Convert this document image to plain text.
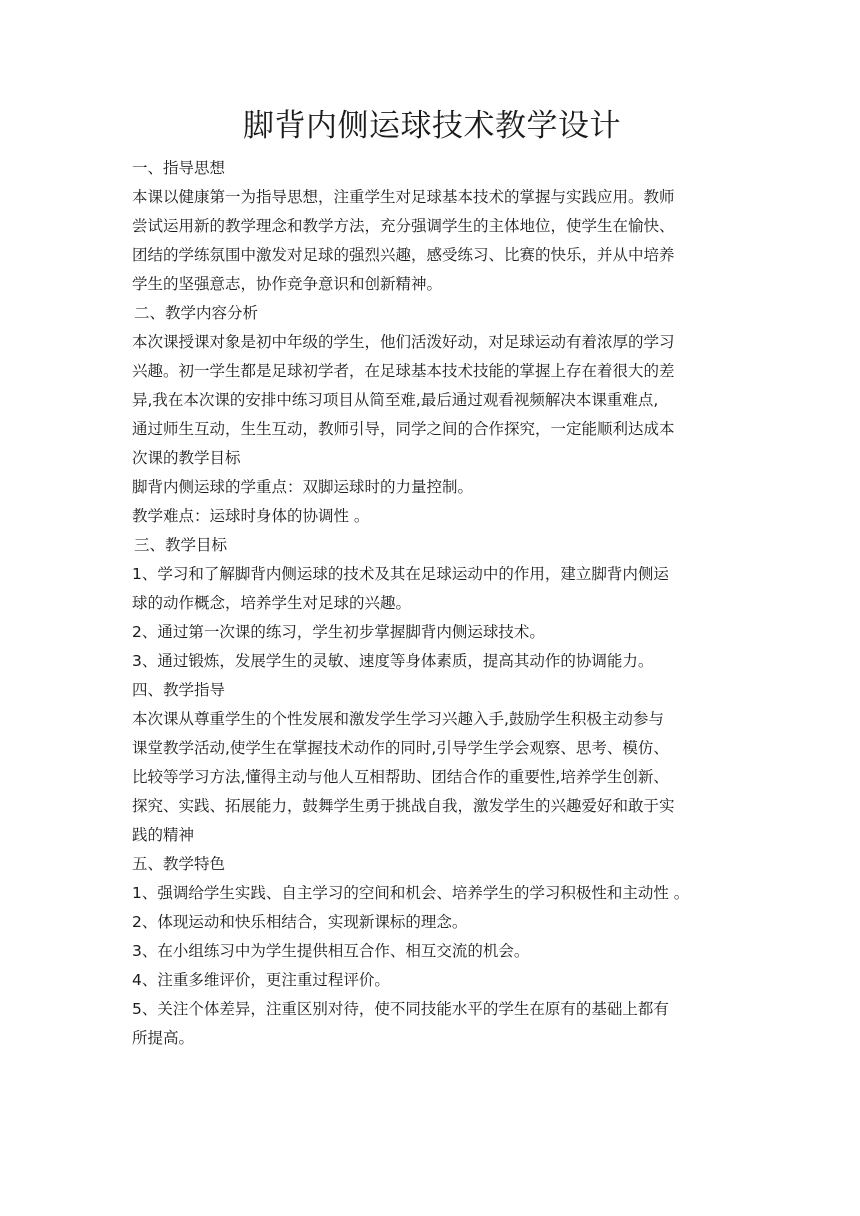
脚背内侧运球技术教学设计

一、指导思想

本课以健康第一为指导思想，注重学生对足球基本技术的掌握与实践应用。教师

尝试运用新的教学理念和教学方法，充分强调学生的主体地位，使学生在愉快、

团结的学练氛围中激发对足球的强烈兴趣，感受练习、比赛的快乐，并从中培养

学生的坚强意志，协作竞争意识和创新精神。

二、教学内容分析

本次课授课对象是初中年级的学生，他们活泼好动，对足球运动有着浓厚的学习

兴趣。初一学生都是足球初学者，在足球基本技术技能的掌握上存在着很大的差

异,我在本次课的安排中练习项目从简至难,最后通过观看视频解决本课重难点,

通过师生互动，生生互动，教师引导，同学之间的合作探究，一定能顺利达成本

次课的教学目标

脚背内侧运球的学重点：双脚运球时的力量控制。

教学难点：运球时身体的协调性 。

三、教学目标

1、学习和了解脚背内侧运球的技术及其在足球运动中的作用，建立脚背内侧运

球的动作概念，培养学生对足球的兴趣。

2、通过第一次课的练习，学生初步掌握脚背内侧运球技术。

3、通过锻炼，发展学生的灵敏、速度等身体素质，提高其动作的协调能力。

四、教学指导

本次课从尊重学生的个性发展和激发学生学习兴趣入手,鼓励学生积极主动参与

课堂教学活动,使学生在掌握技术动作的同时,引导学生学会观察、思考、模仿、

比较等学习方法,懂得主动与他人互相帮助、团结合作的重要性,培养学生创新、

探究、实践、拓展能力，鼓舞学生勇于挑战自我，激发学生的兴趣爱好和敢于实

践的精神

五、教学特色

1、强调给学生实践、自主学习的空间和机会、培养学生的学习积极性和主动性 。

2、体现运动和快乐相结合，实现新课标的理念。

3、在小组练习中为学生提供相互合作、相互交流的机会。

4、注重多维评价，更注重过程评价。

5、关注个体差异，注重区别对待，使不同技能水平的学生在原有的基础上都有

所提高。
